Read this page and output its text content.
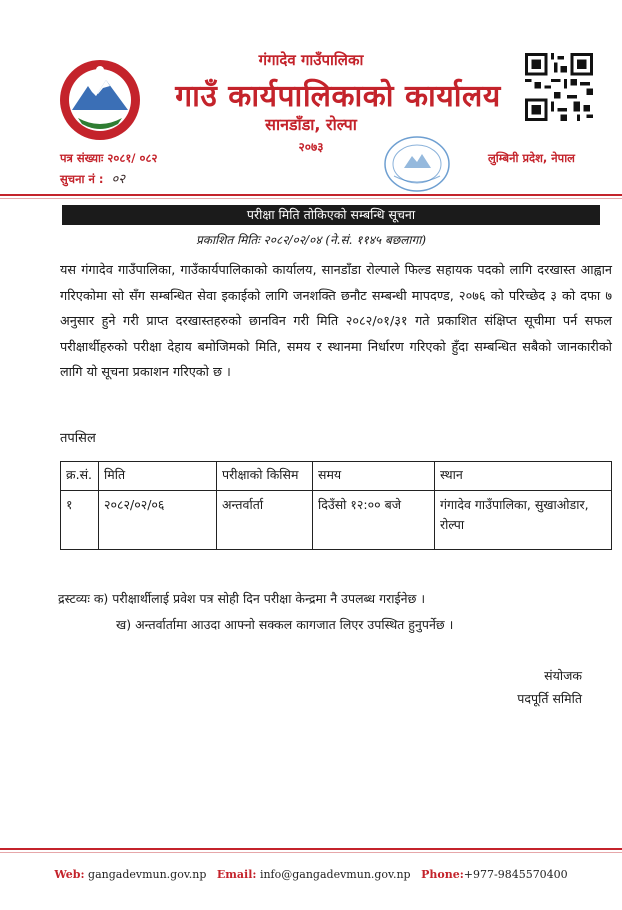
गंगादेव गाउँपालिका
गाउँ कार्यपालिकाको कार्यालय
सानडाँडा, रोल्पा
२०७३
पत्र संख्याः २०८१/ ०८२
सुचना नं : ०२
लुम्बिनी प्रदेश, नेपाल
परीक्षा मिति तोकिएको सम्बन्धि सूचना
प्रकाशित मितिः २०८२/०२/०४ (ने.सं. ११४५ बछलागा)
यस गंगादेव गाउँपालिका, गाउँकार्यपालिकाको कार्यालय, सानडाँडा रोल्पाले फिल्ड सहायक पदको लागि दरखास्त आह्वान गरिएकोमा सो सँग सम्बन्धित सेवा इकाईको लागि जनशक्ति छनौट सम्बन्धी मापदण्ड, २०७६ को परिच्छेद ३ को दफा ७ अनुसार हुने गरी प्राप्त दरखास्तहरुको छानविन गरी मिति २०८२/०१/३१ गते प्रकाशित संक्षिप्त सूचीमा पर्न सफल परीक्षार्थीहरुको परीक्षा देहाय बमोजिमको मिति, समय र स्थानमा निर्धारण गरिएको हुँदा सम्बन्धित सबैको जानकारीको लागि यो सूचना प्रकाशन गरिएको छ ।
तपसिल
क्र.सं.	मिति	परीक्षाको किसिम	समय	स्थान
१	२०८२/०२/०६	अन्तर्वार्ता	दिउँसो १२:०० बजे	गंगादेव गाउँपालिका, सुखाओडार, रोल्पा
द्रस्टव्यः क) परीक्षार्थीलाई प्रवेश पत्र सोही दिन परीक्षा केन्द्रमा नै उपलब्ध गराईनेछ ।
ख) अन्तर्वार्तामा आउदा आफ्नो सक्कल कागजात लिएर उपस्थित हुनुपर्नेछ ।
संयोजक
पदपूर्ति समिति
Web: gangadevmun.gov.np Email: info@gangadevmun.gov.np Phone:+977-9845570400
